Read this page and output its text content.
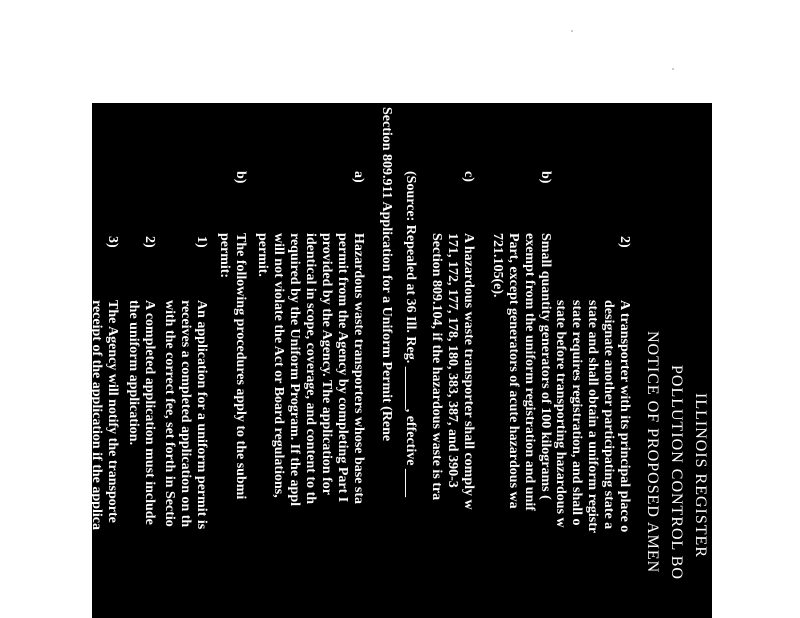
ILLINOIS REGISTER
POLLUTION CONTROL BO
NOTICE OF PROPOSED AMEN
2)
A transporter with its principal place o
designate another participating state a
state and shall obtain a uniform registr
state requires registration, and shall o
state before transporting hazardous w
b)
Small quantity generators of 100 kilograms (
exempt from the uniform registration and unif
Part, except generators of acute hazardous wa
721.105(e).
c)
A hazardous waste transporter shall comply w
171, 172, 177, 178, 180, 383, 387, and 390-3
Section 809.104, if the hazardous waste is tra
(Source: Repealed at 36 Ill. Reg. ______, effective ____
Section 809.911 Application for a Uniform Permit (Rene
a)
Hazardous waste transporters whose base sta
permit from the Agency by completing Part I
provided by the Agency. The application for
identical in scope, coverage, and content to th
required by the Uniform Program. If the appl
will not violate the Act or Board regulations,
permit.
b)
The following procedures apply to the submi
permit:
1)
An application for a uniform permit is
receives a completed application on th
with the correct fee, set forth in Sectio
2)
A completed application must include
the uniform application.
3)
The Agency will notify the transporte
receipt of the application if the applica
the application will not be reviewed, a
